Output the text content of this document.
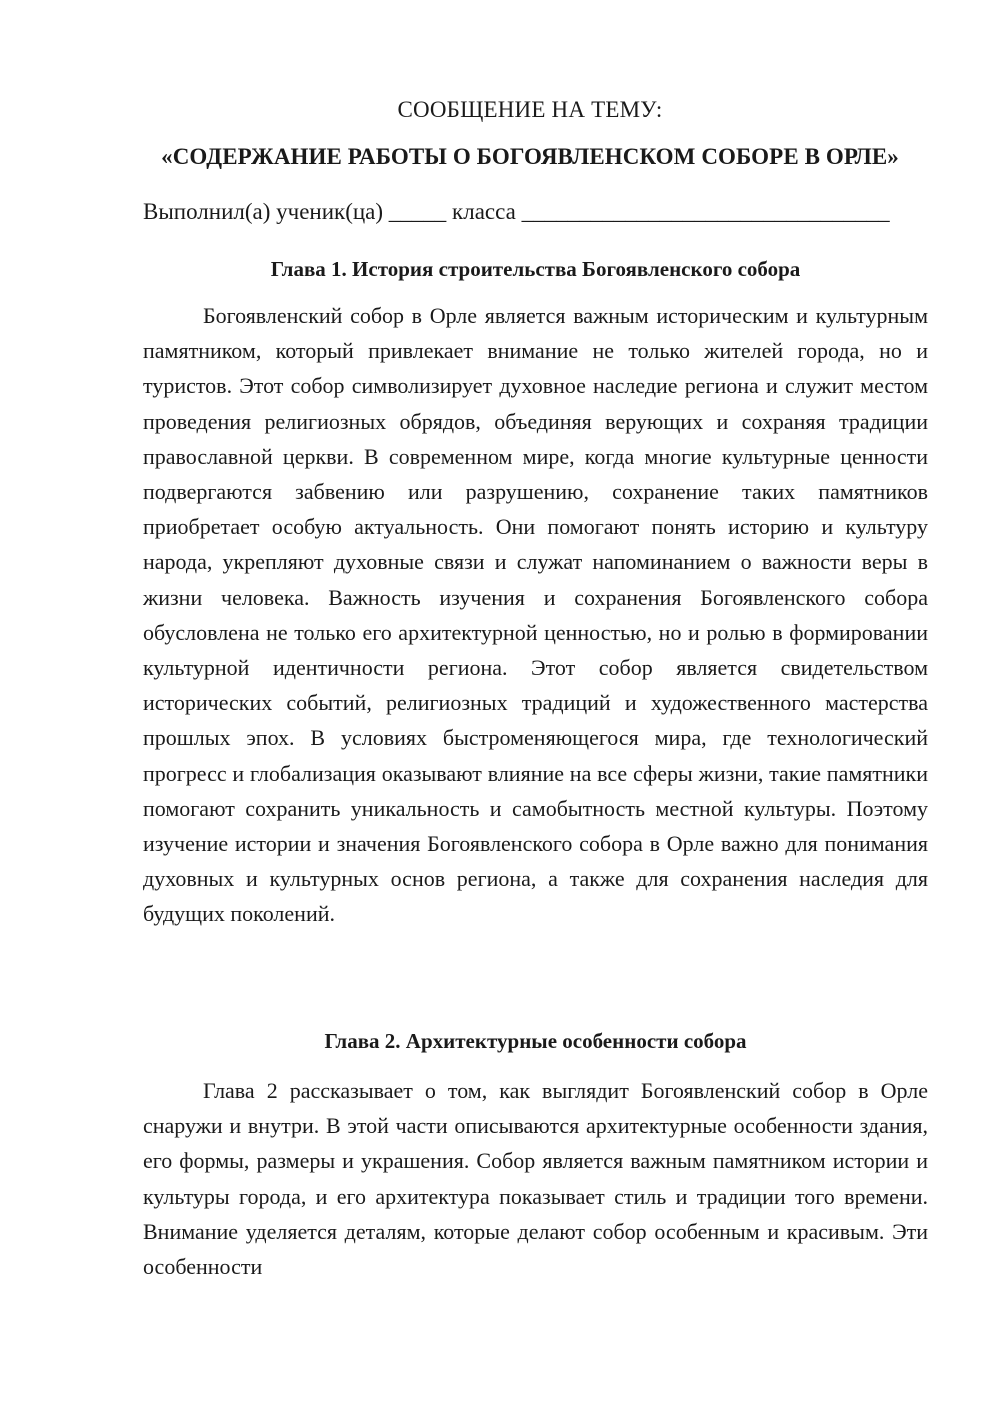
СООБЩЕНИЕ НА ТЕМУ:
«СОДЕРЖАНИЕ РАБОТЫ О БОГОЯВЛЕНСКОМ СОБОРЕ В ОРЛЕ»
Выполнил(а) ученик(ца) _____ класса ________________________________
Глава 1. История строительства Богоявленского собора

Богоявленский собор в Орле является важным историческим и культурным памятником, который привлекает внимание не только жителей города, но и туристов. Этот собор символизирует духовное наследие региона и служит местом проведения религиозных обрядов, объединяя верующих и сохраняя традиции православной церкви. В современном мире, когда многие культурные ценности подвергаются забвению или разрушению, сохранение таких памятников приобретает особую актуальность. Они помогают понять историю и культуру народа, укрепляют духовные связи и служат напоминанием о важности веры в жизни человека. Важность изучения и сохранения Богоявленского собора обусловлена не только его архитектурной ценностью, но и ролью в формировании культурной идентичности региона. Этот собор является свидетельством исторических событий, религиозных традиций и художественного мастерства прошлых эпох. В условиях быстроменяющегося мира, где технологический прогресс и глобализация оказывают влияние на все сферы жизни, такие памятники помогают сохранить уникальность и самобытность местной культуры. Поэтому изучение истории и значения Богоявленского собора в Орле важно для понимания духовных и культурных основ региона, а также для сохранения наследия для будущих поколений.

Глава 2. Архитектурные особенности собора

Глава 2 рассказывает о том, как выглядит Богоявленский собор в Орле снаружи и внутри. В этой части описываются архитектурные особенности здания, его формы, размеры и украшения. Собор является важным памятником истории и культуры города, и его архитектура показывает стиль и традиции того времени. Внимание уделяется деталям, которые делают собор особенным и красивым. Эти особенности
